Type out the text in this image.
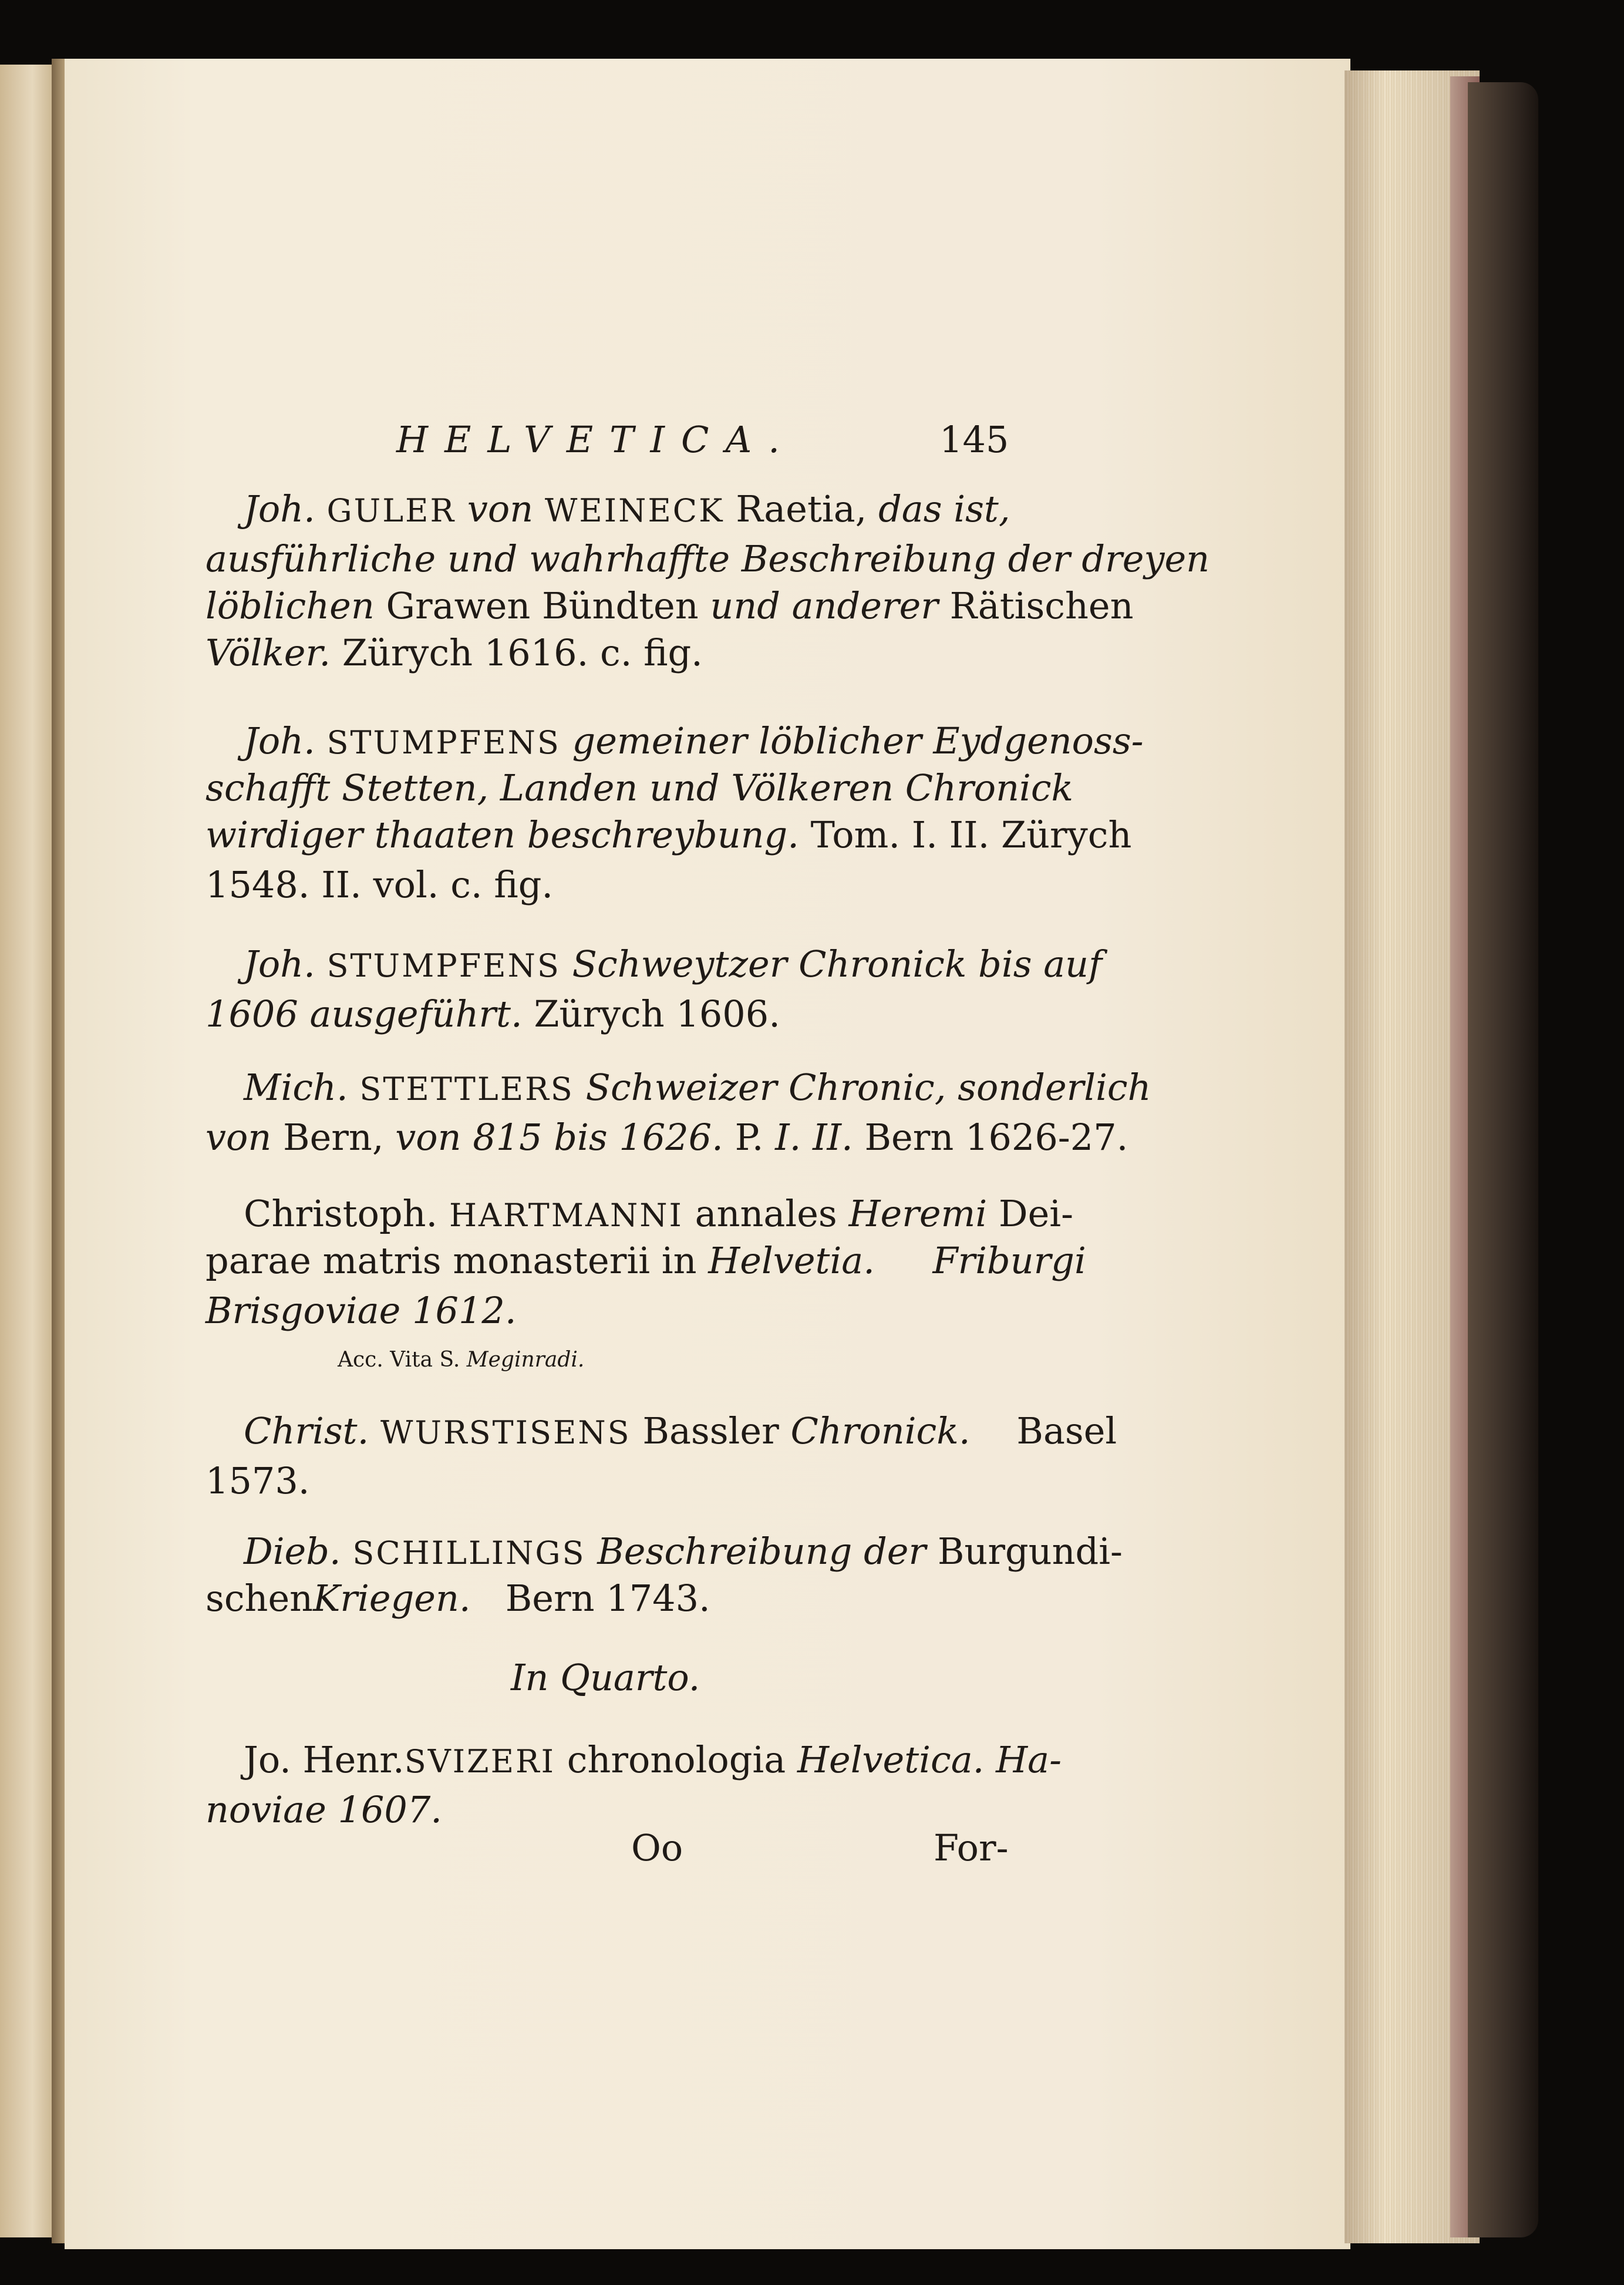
HELVETICA.	145
Joh. GULER von WEINECK Raetia, das ist,
ausführliche und wahrhaffte Beschreibung der dreyen
löblichen Grawen Bündten und anderer Rätischen
Völker. Zürych 1616. c. fig.
Joh. STUMPFENS gemeiner löblicher Eydgenoss-
schafft Stetten, Landen und Völkeren Chronick
wirdiger thaaten beschreybung. Tom. I. II. Zürych
1548. II. vol. c. fig.
Joh. STUMPFENS Schweytzer Chronick bis auf
1606 ausgeführt. Zürych 1606.
Mich. STETTLERS Schweizer Chronic, sonderlich
von Bern, von 815 bis 1626. P. I. II. Bern 1626-27.
Christoph. HARTMANNI annales Heremi Dei-
parae matris monasterii in Helvetia. Friburgi
Brisgoviae 1612.
Acc. Vita S. Meginradi.
Christ. WURSTISENS Bassler Chronick. Basel
1573.
Dieb. SCHILLINGS Beschreibung der Burgundi-
schenKriegen. Bern 1743.
In Quarto.
Jo. Henr.SVIZERI chronologia Helvetica. Ha-
noviae 1607.
Oo	For-
